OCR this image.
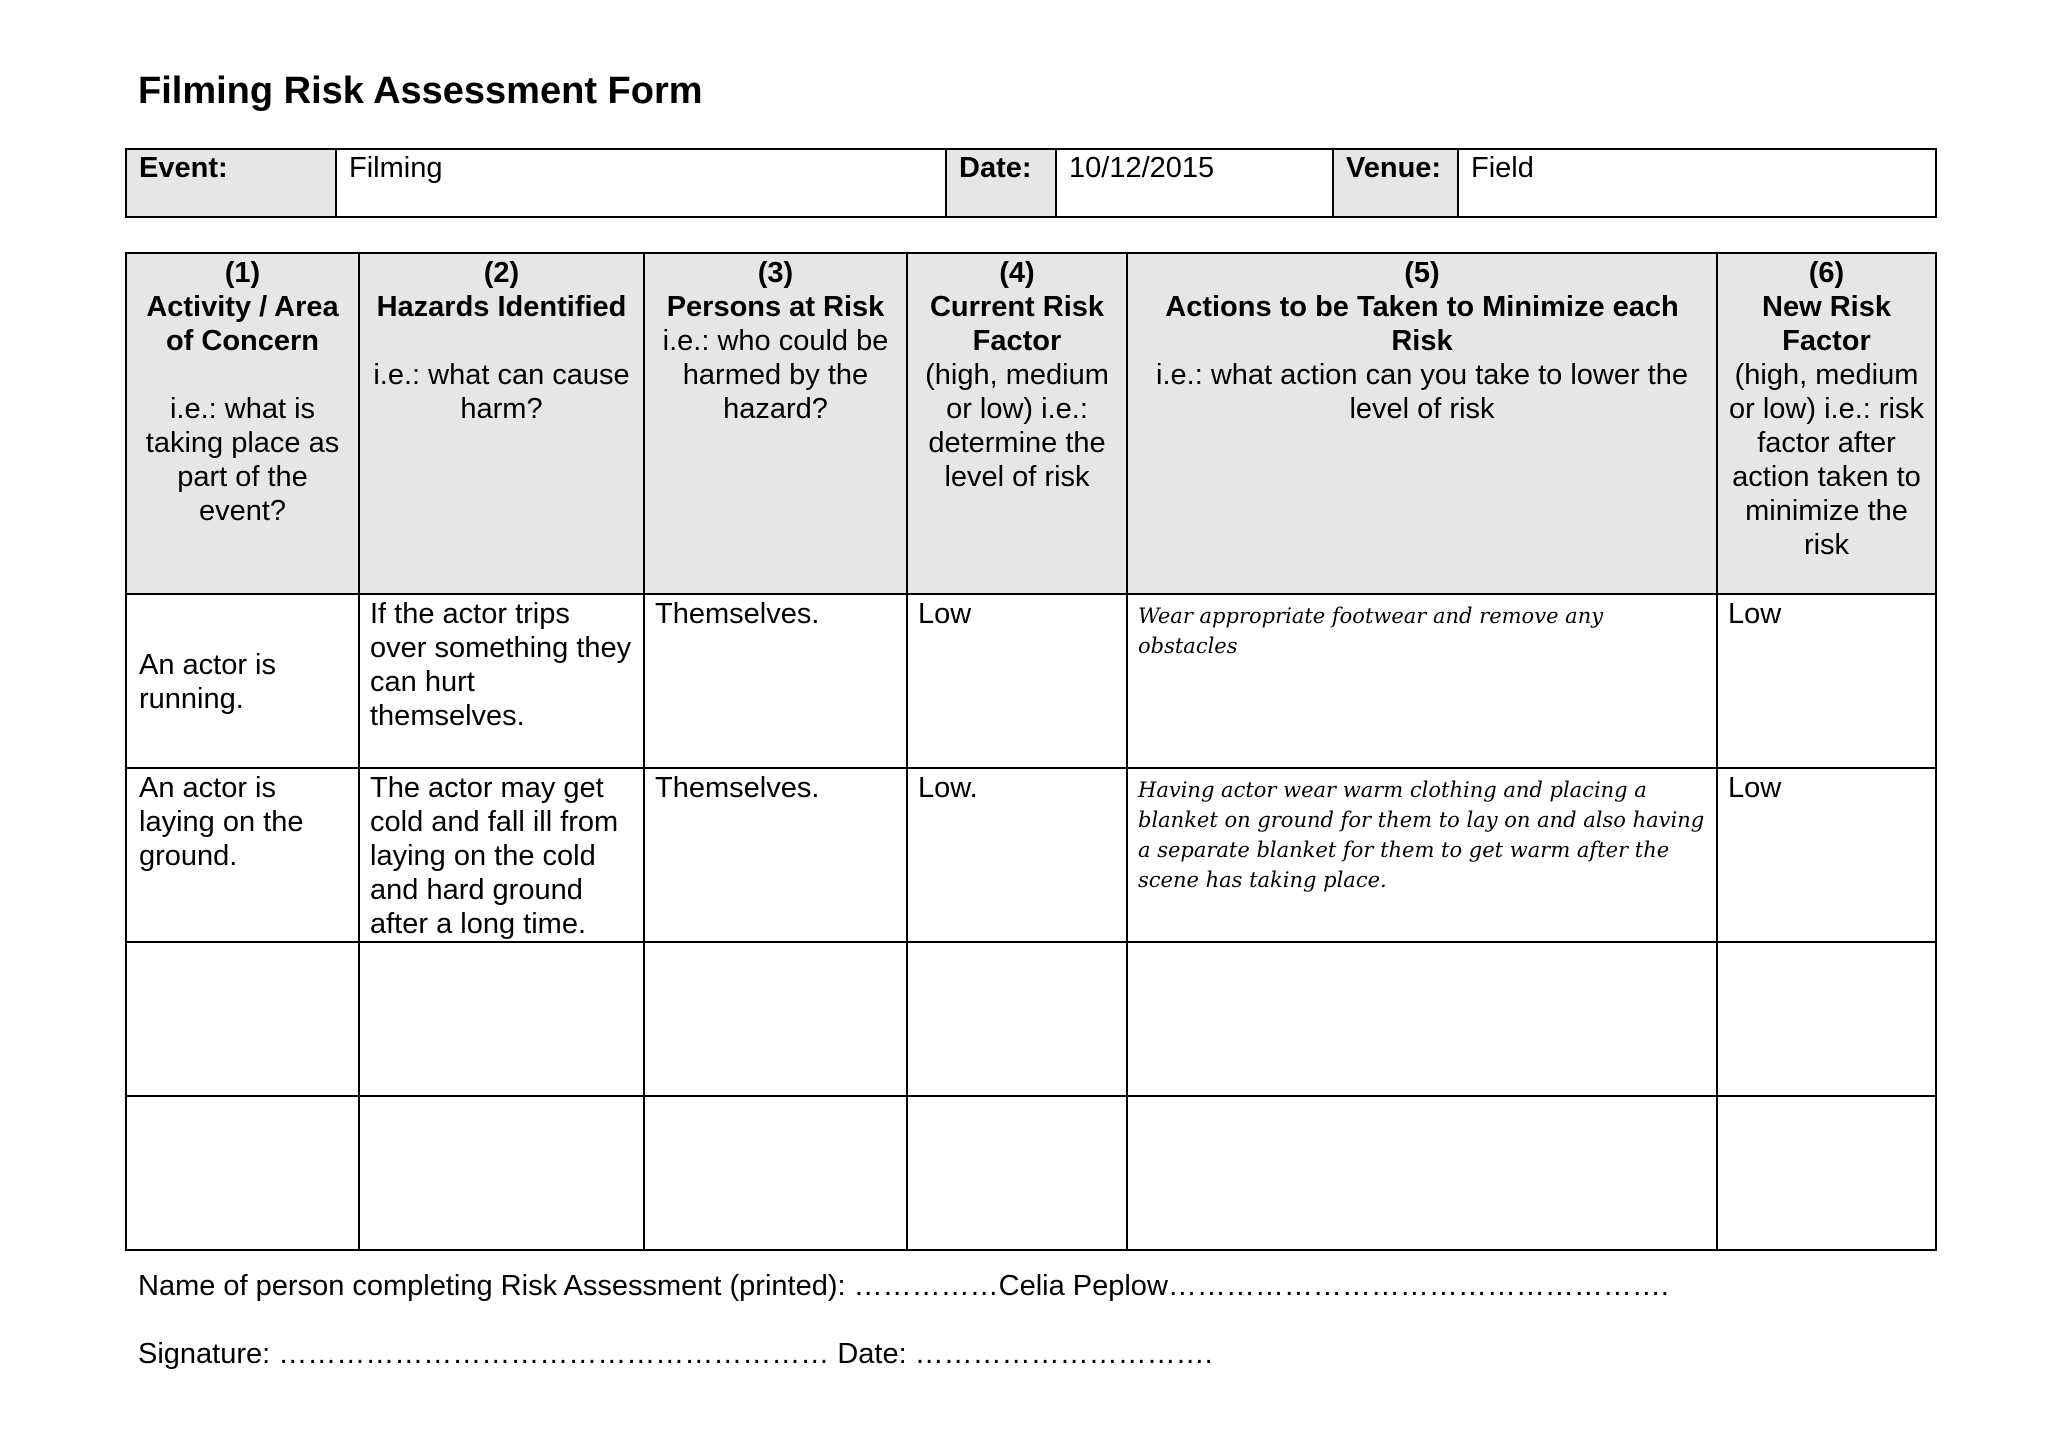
Filming Risk Assessment Form
Event:	Filming	Date:	10/12/2015	Venue:	Field
(1)
Activity / Area of Concern
i.e.: what is taking place as part of the event?	(2)
Hazards Identified
i.e.: what can cause harm?	(3)
Persons at Risk
i.e.: who could be harmed by the hazard?	(4)
Current Risk Factor
(high, medium or low) i.e.: determine the level of risk	(5)
Actions to be Taken to Minimize each Risk
i.e.: what action can you take to lower the level of risk	(6)
New Risk Factor
(high, medium or low) i.e.: risk factor after action taken to minimize the risk
An actor is running.	If the actor trips over something they can hurt themselves.	Themselves.	Low	Wear appropriate footwear and remove any obstacles	Low
An actor is laying on the ground.	The actor may get cold and fall ill from laying on the cold and hard ground after a long time.	Themselves.	Low.	Having actor wear warm clothing and placing a blanket on ground for them to lay on and also having a separate blanket for them to get warm after the scene has taking place.	Low

Name of person completing Risk Assessment (printed): ……………Celia Peplow…………………………………………….
Signature: ………………………………………………… Date: ………………………….
